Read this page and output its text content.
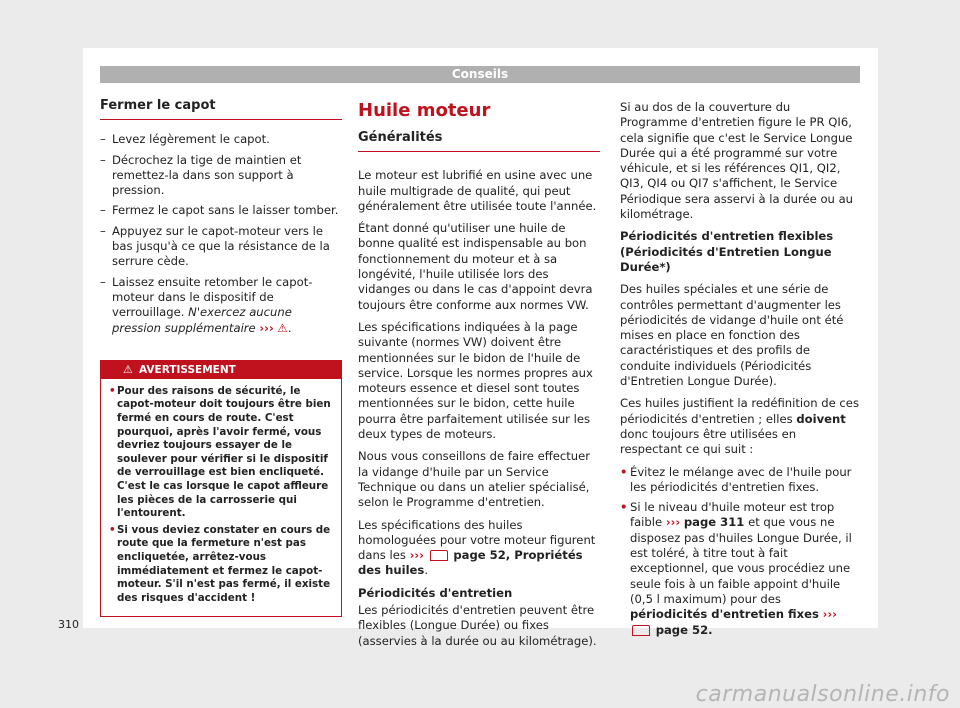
Conseils
Fermer le capot
– Levez légèrement le capot.
– Décrochez la tige de maintien et remettez-la dans son support à pression.
– Fermez le capot sans le laisser tomber.
– Appuyez sur le capot-moteur vers le bas jusqu'à ce que la résistance de la serrure cède.
– Laissez ensuite retomber le capot-moteur dans le dispositif de verrouillage. N'exercez aucune pression supplémentaire ››› ⚠.
⚠ AVERTISSEMENT

• Pour des raisons de sécurité, le capot-moteur doit toujours être bien fermé en cours de route. C'est pourquoi, après l'avoir fermé, vous devriez toujours essayer de le soulever pour vérifier si le dispositif de verrouillage est bien encliqueté. C'est le cas lorsque le capot affleure les pièces de la carrosserie qui l'entourent.

• Si vous deviez constater en cours de route que la fermeture n'est pas encliquetée, arrêtez-vous immédiatement et fermez le capot-moteur. S'il n'est pas fermé, il existe des risques d'accident !

Huile moteur
Généralités

Le moteur est lubrifié en usine avec une huile multigrade de qualité, qui peut généralement être utilisée toute l'année.

Étant donné qu'utiliser une huile de bonne qualité est indispensable au bon fonctionnement du moteur et à sa longévité, l'huile utilisée lors des vidanges ou dans le cas d'appoint devra toujours être conforme aux normes VW.

Les spécifications indiquées à la page suivante (normes VW) doivent être mentionnées sur le bidon de l'huile de service. Lorsque les normes propres aux moteurs essence et diesel sont toutes mentionnées sur le bidon, cette huile pourra être parfaitement utilisée sur les deux types de moteurs.

Nous vous conseillons de faire effectuer la vidange d'huile par un Service Technique ou dans un atelier spécialisé, selon le Programme d'entretien.

Les spécifications des huiles homologuées pour votre moteur figurent dans les ›››	page 52, Propriétés des huiles.

Périodicités d'entretien

Les périodicités d'entretien peuvent être flexibles (Longue Durée) ou fixes (asservies à la durée ou au kilométrage).

Si au dos de la couverture du Programme d'entretien figure le PR QI6, cela signifie que c'est le Service Longue Durée qui a été programmé sur votre véhicule, et si les références QI1, QI2, QI3, QI4 ou QI7 s'affichent, le Service Périodique sera asservi à la durée ou au kilométrage.

Périodicités d'entretien flexibles (Périodicités d'Entretien Longue Durée*)

Des huiles spéciales et une série de contrôles permettant d'augmenter les périodicités de vidange d'huile ont été mises en place en fonction des caractéristiques et des profils de conduite individuels (Périodicités d'Entretien Longue Durée).

Ces huiles justifient la redéfinition de ces périodicités d'entretien ; elles doivent donc toujours être utilisées en respectant ce qui suit :

• Évitez le mélange avec de l'huile pour les périodicités d'entretien fixes.
• Si le niveau d'huile moteur est trop faible ››› page 311 et que vous ne disposez pas d'huiles Longue Durée, il est toléré, à titre tout à fait exceptionnel, que vous procédiez une seule fois à un faible appoint d'huile (0,5 l maximum) pour des périodicités d'entretien fixes ›››  page 52.
310
carmanualsonline.info
